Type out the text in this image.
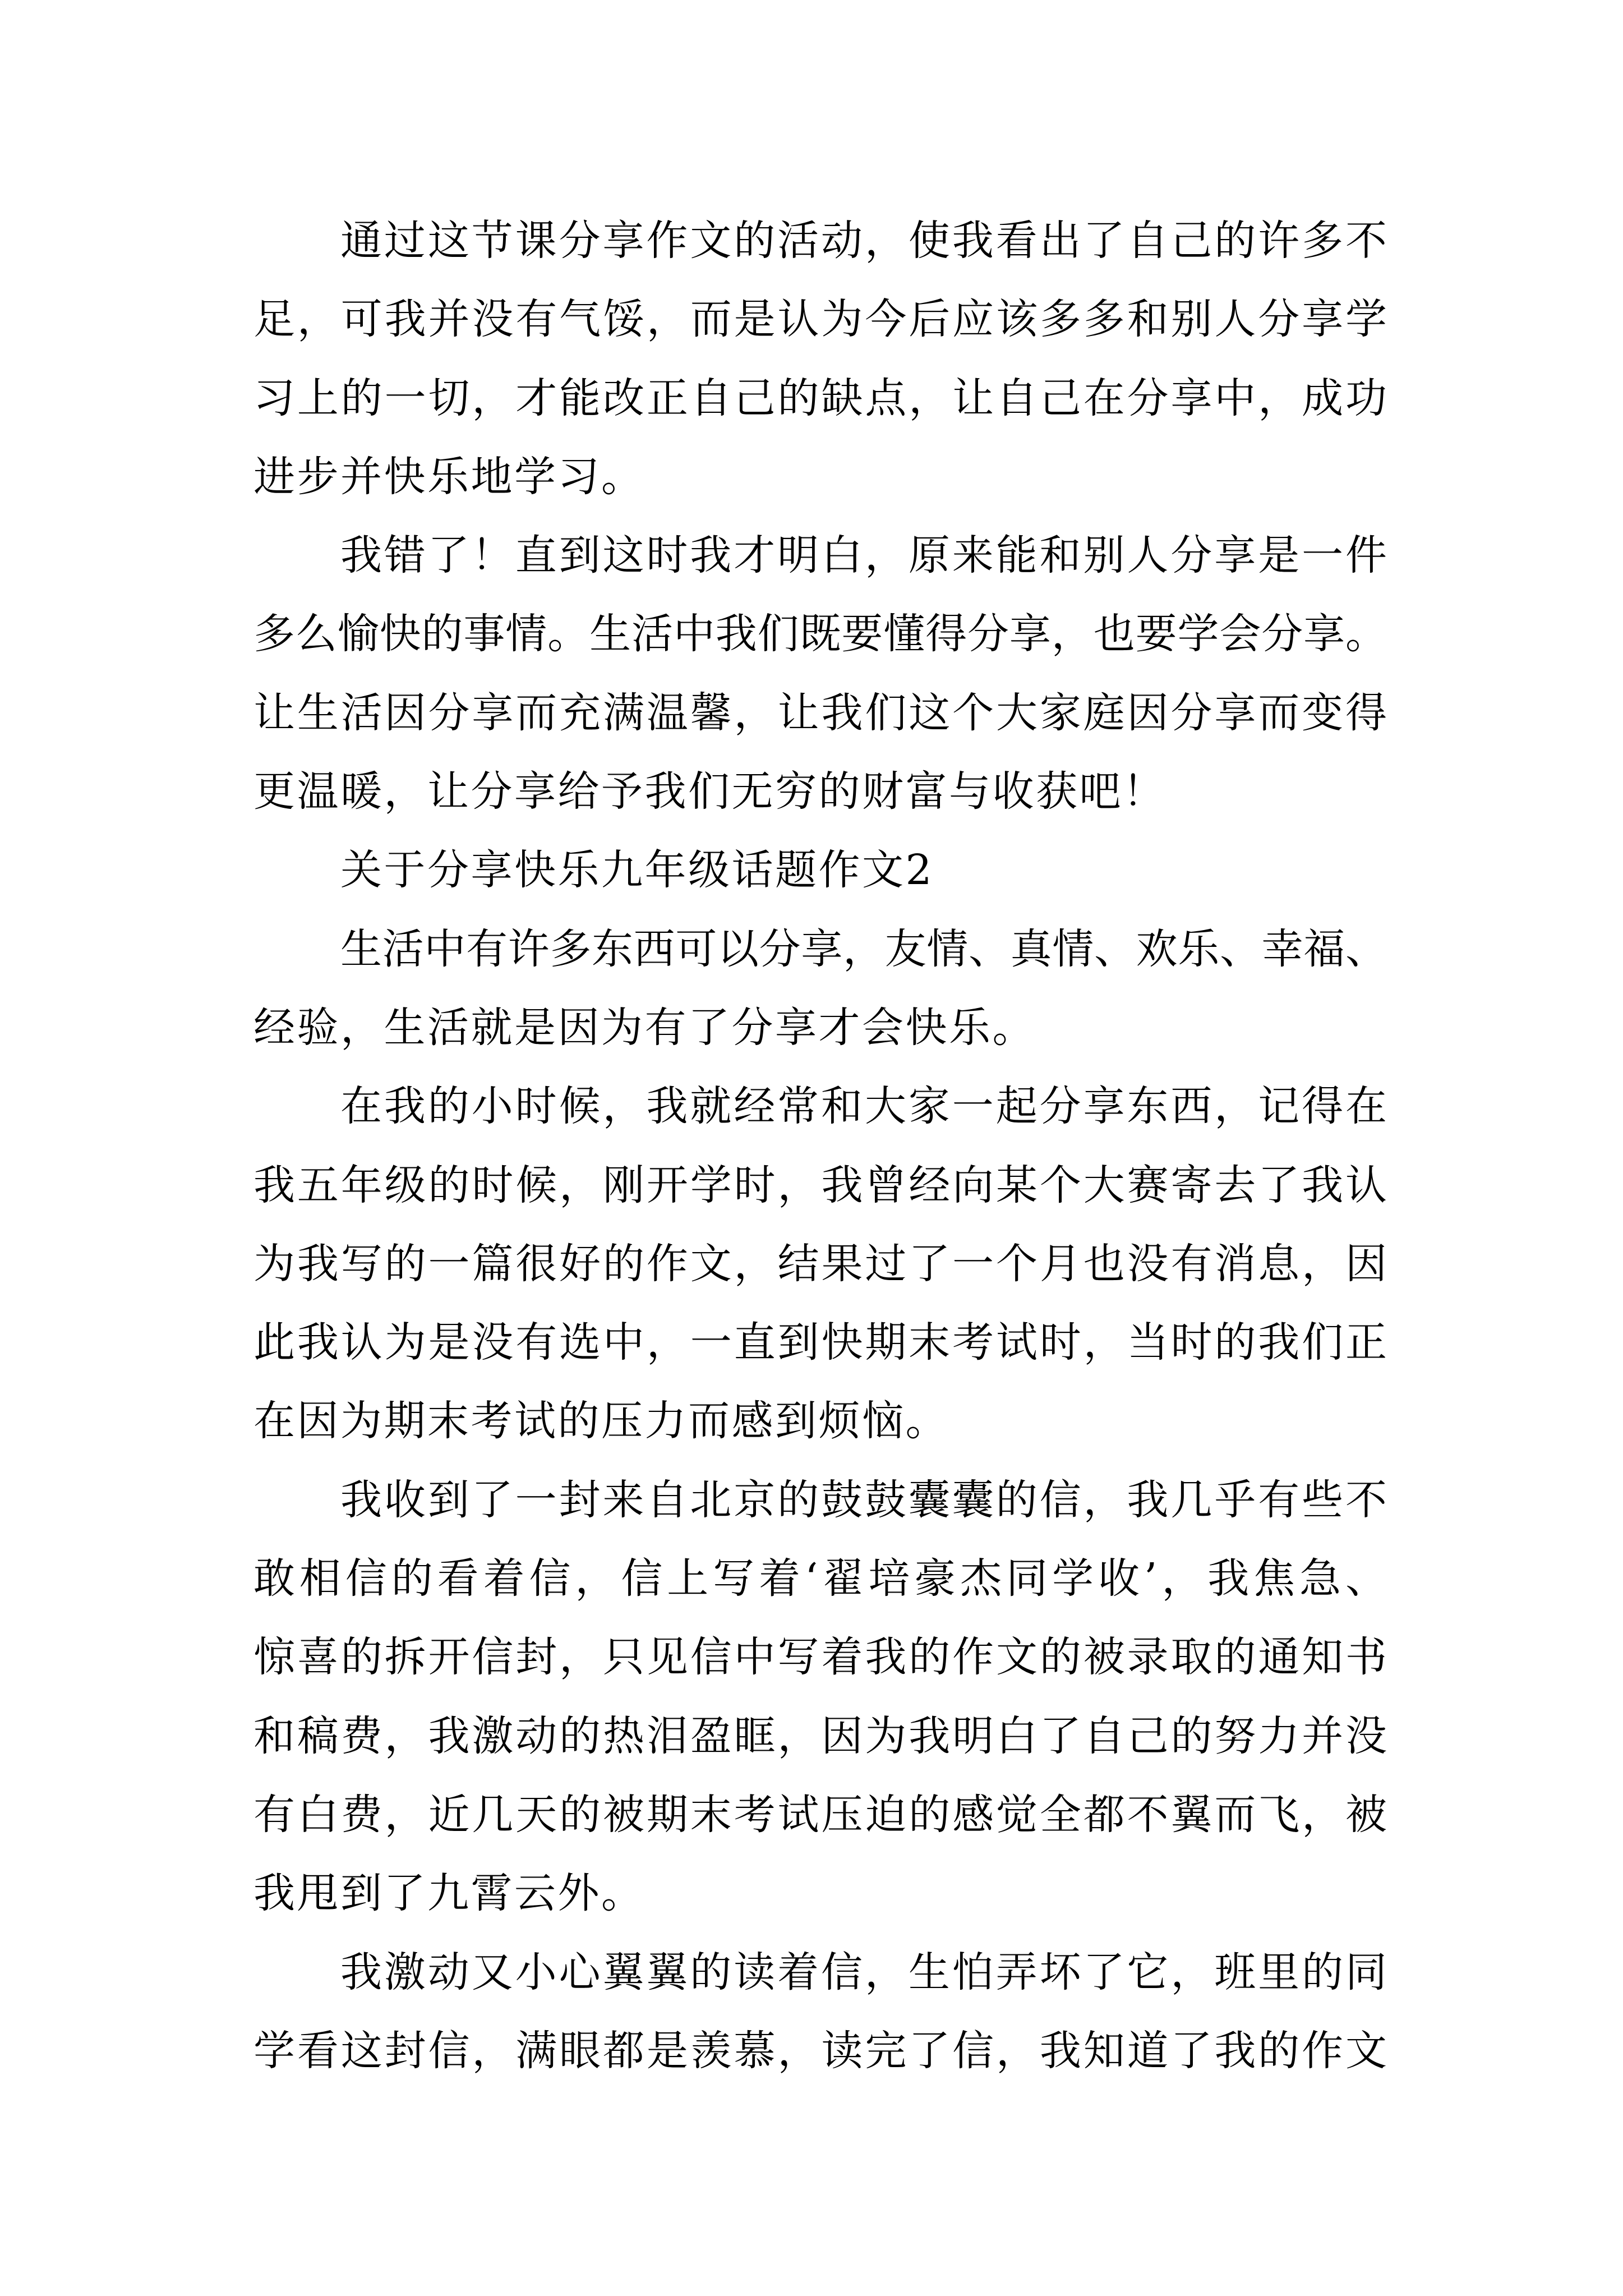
通过这节课分享作文的活动，使我看出了自己的许多不
足，可我并没有气馁，而是认为今后应该多多和别人分享学
习上的一切，才能改正自己的缺点，让自己在分享中，成功
进步并快乐地学习。
我错了！直到这时我才明白，原来能和别人分享是一件
多么愉快的事情。生活中我们既要懂得分享，也要学会分享。
让生活因分享而充满温馨，让我们这个大家庭因分享而变得
更温暖，让分享给予我们无穷的财富与收获吧！
关于分享快乐九年级话题作文2
生活中有许多东西可以分享，友情、真情、欢乐、幸福、
经验，生活就是因为有了分享才会快乐。
在我的小时候，我就经常和大家一起分享东西，记得在
我五年级的时候，刚开学时，我曾经向某个大赛寄去了我认
为我写的一篇很好的作文，结果过了一个月也没有消息，因
此我认为是没有选中，一直到快期末考试时，当时的我们正
在因为期末考试的压力而感到烦恼。
我收到了一封来自北京的鼓鼓囊囊的信，我几乎有些不
敢相信的看着信，信上写着‘翟培豪杰同学收’，我焦急、
惊喜的拆开信封，只见信中写着我的作文的被录取的通知书
和稿费，我激动的热泪盈眶，因为我明白了自己的努力并没
有白费，近几天的被期末考试压迫的感觉全都不翼而飞，被
我甩到了九霄云外。
我激动又小心翼翼的读着信，生怕弄坏了它，班里的同
学看这封信，满眼都是羡慕，读完了信，我知道了我的作文
